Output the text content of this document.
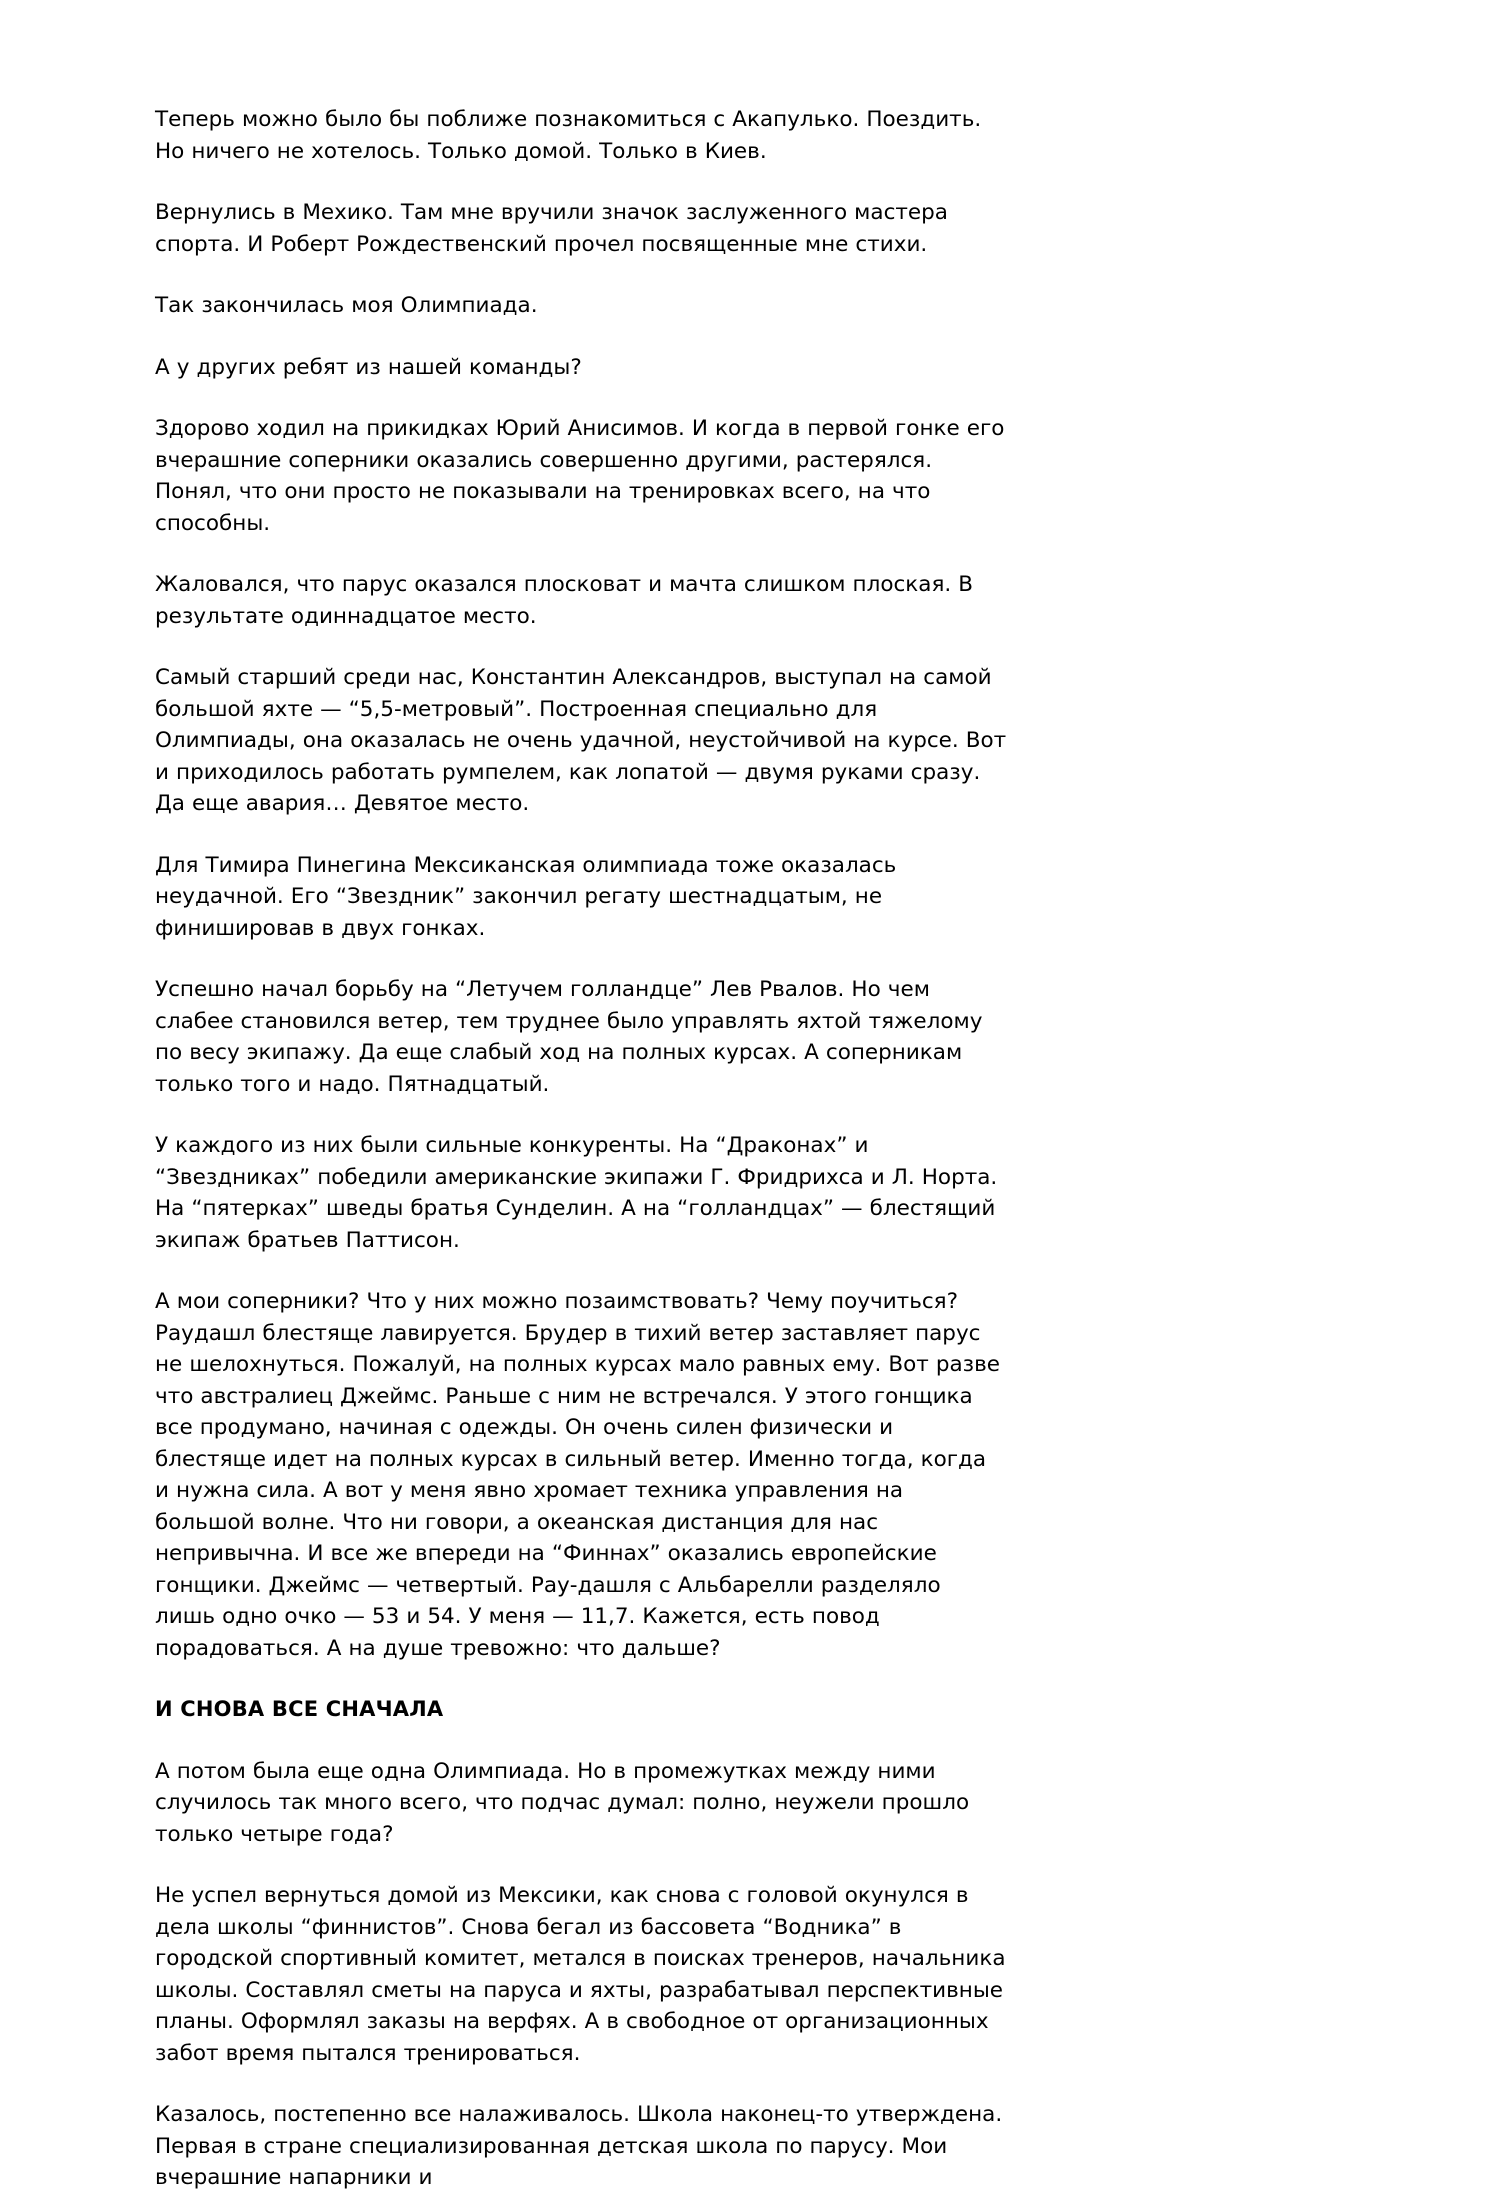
Теперь можно было бы поближе познакомиться с Акапулько. Поездить. Но ничего не хотелось. Только домой. Только в Киев.

Вернулись в Мехико. Там мне вручили значок заслуженного мастера спорта. И Роберт Рождественский прочел посвященные мне стихи.

Так закончилась моя Олимпиада.

А у других ребят из нашей команды?

Здорово ходил на прикидках Юрий Анисимов. И когда в первой гонке его вчерашние соперники оказались совершенно другими, растерялся. Понял, что они просто не показывали на тренировках всего, на что способны.

Жаловался, что парус оказался плосковат и мачта слишком плоская. В результате одиннадцатое место.

Самый старший среди нас, Константин Александров, выступал на самой большой яхте — “5,5-метровый”. Построенная специально для Олимпиады, она оказалась не очень удачной, неустойчивой на курсе. Вот и приходилось работать румпелем, как лопатой — двумя руками сразу. Да еще авария… Девятое место.

Для Тимира Пинегина Мексиканская олимпиада тоже оказалась неудачной. Его “Звездник” закончил регату шестнадцатым, не финишировав в двух гонках.

Успешно начал борьбу на “Летучем голландце” Лев Рвалов. Но чем слабее становился ветер, тем труднее было управлять яхтой тяжелому по весу экипажу. Да еще слабый ход на полных курсах. А соперникам только того и надо. Пятнадцатый.

У каждого из них были сильные конкуренты. На “Драконах” и “Звездниках” победили американские экипажи Г. Фридрихса и Л. Норта. На “пятерках” шведы братья Сунделин. А на “голландцах” — блестящий экипаж братьев Паттисон.

А мои соперники? Что у них можно позаимствовать? Чему поучиться? Раудашл блестяще лавируется. Брудер в тихий ветер заставляет парус не шелохнуться. Пожалуй, на полных курсах мало равных ему. Вот разве что австралиец Джеймс. Раньше с ним не встречался. У этого гонщика все продумано, начиная с одежды. Он очень силен физически и блестяще идет на полных курсах в сильный ветер. Именно тогда, когда и нужна сила. А вот у меня явно хромает техника управления на большой волне. Что ни говори, а океанская дистанция для нас непривычна. И все же впереди на “Финнах” оказались европейские гонщики. Джеймс — четвертый. Рау-дашля с Альбарелли разделяло лишь одно очко — 53 и 54. У меня — 11,7. Кажется, есть повод порадоваться. А на душе тревожно: что дальше?

И СНОВА ВСЕ СНАЧАЛА

А потом была еще одна Олимпиада. Но в промежутках между ними случилось так много всего, что подчас думал: полно, неужели прошло только четыре года?

Не успел вернуться домой из Мексики, как снова с головой окунулся в дела школы “финнистов”. Снова бегал из бассовета “Водника” в городской спортивный комитет, метался в поисках тренеров, начальника школы. Составлял сметы на паруса и яхты, разрабатывал перспективные планы. Оформлял заказы на верфях. А в свободное от организационных забот время пытался тренироваться.

Казалось, постепенно все налаживалось. Школа наконец-то утверждена. Первая в стране специализированная детская школа по парусу. Мои вчерашние напарники и
